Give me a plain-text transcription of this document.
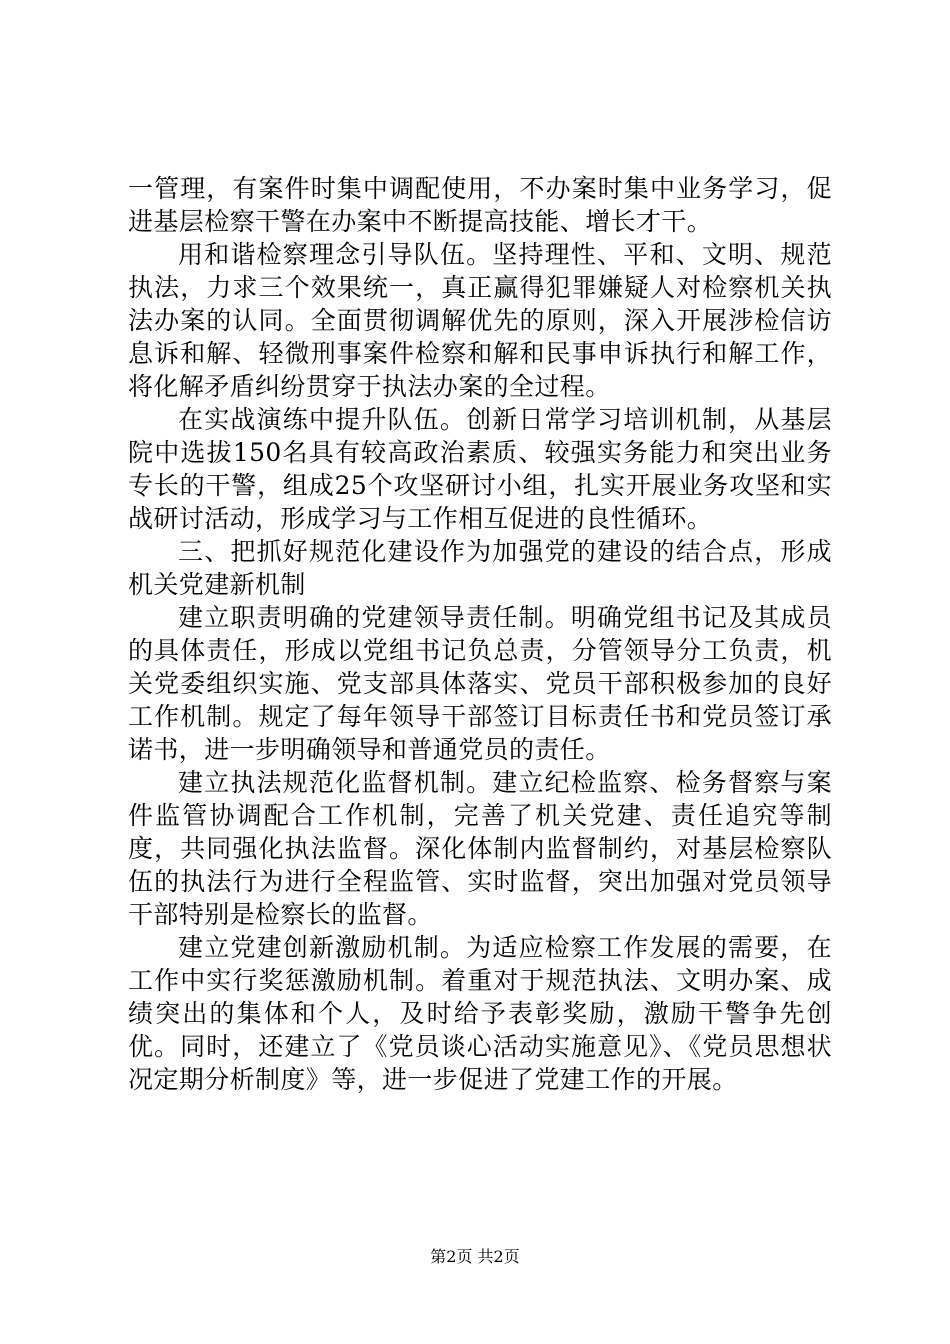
一管理，有案件时集中调配使用，不办案时集中业务学习，促进基层检察干警在办案中不断提高技能、增长才干。

用和谐检察理念引导队伍。坚持理性、平和、文明、规范执法，力求三个效果统一，真正赢得犯罪嫌疑人对检察机关执法办案的认同。全面贯彻调解优先的原则，深入开展涉检信访息诉和解、轻微刑事案件检察和解和民事申诉执行和解工作，将化解矛盾纠纷贯穿于执法办案的全过程。

在实战演练中提升队伍。创新日常学习培训机制，从基层院中选拔150名具有较高政治素质、较强实务能力和突出业务专长的干警，组成25个攻坚研讨小组，扎实开展业务攻坚和实战研讨活动，形成学习与工作相互促进的良性循环。

三、把抓好规范化建设作为加强党的建设的结合点，形成机关党建新机制

建立职责明确的党建领导责任制。明确党组书记及其成员的具体责任，形成以党组书记负总责，分管领导分工负责，机关党委组织实施、党支部具体落实、党员干部积极参加的良好工作机制。规定了每年领导干部签订目标责任书和党员签订承诺书，进一步明确领导和普通党员的责任。

建立执法规范化监督机制。建立纪检监察、检务督察与案件监管协调配合工作机制，完善了机关党建、责任追究等制度，共同强化执法监督。深化体制内监督制约，对基层检察队伍的执法行为进行全程监管、实时监督，突出加强对党员领导干部特别是检察长的监督。

建立党建创新激励机制。为适应检察工作发展的需要，在工作中实行奖惩激励机制。着重对于规范执法、文明办案、成绩突出的集体和个人，及时给予表彰奖励，激励干警争先创优。同时，还建立了《党员谈心活动实施意见》、《党员思想状况定期分析制度》等，进一步促进了党建工作的开展。

第2页 共2页
